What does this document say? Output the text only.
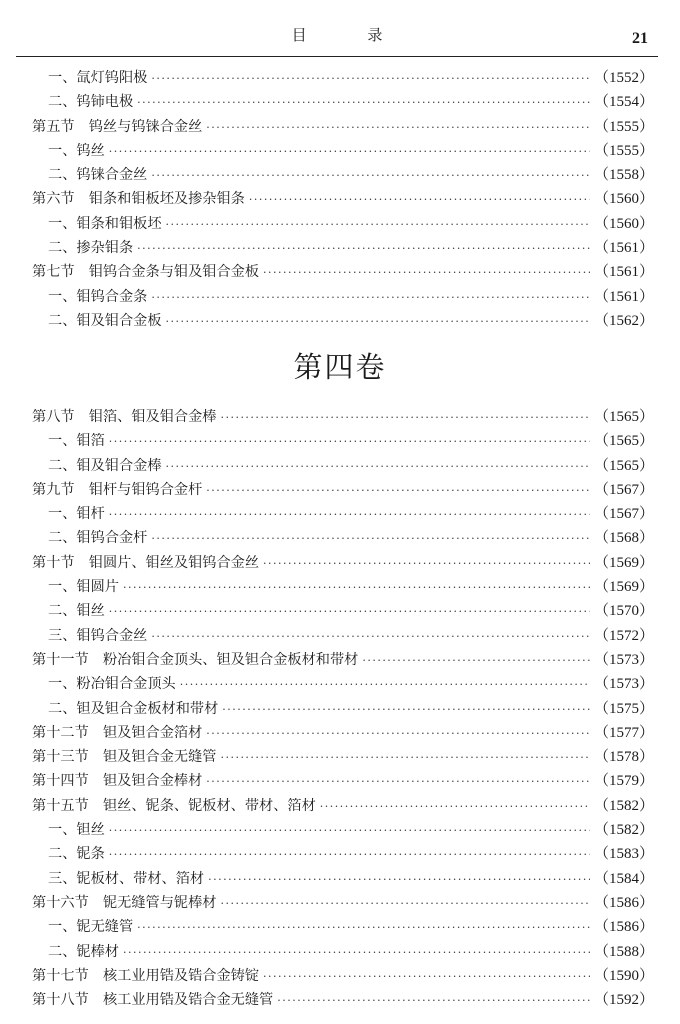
目 录	21
一、氙灯钨阳极 ·····	（1552）
二、钨铈电极 ·····	（1554）
第五节　钨丝与钨铼合金丝 ·····	（1555）
一、钨丝 ·····	（1555）
二、钨铼合金丝 ·····	（1558）
第六节　钼条和钼板坯及掺杂钼条 ·····	（1560）
一、钼条和钼板坯 ·····	（1560）
二、掺杂钼条 ·····	（1561）
第七节　钼钨合金条与钼及钼合金板 ·····	（1561）
一、钼钨合金条 ·····	（1561）
二、钼及钼合金板 ·····	（1562）
第四卷
第八节　钼箔、钼及钼合金棒 ·····	（1565）
一、钼箔 ·····	（1565）
二、钼及钼合金棒 ·····	（1565）
第九节　钼杆与钼钨合金杆 ·····	（1567）
一、钼杆 ·····	（1567）
二、钼钨合金杆 ·····	（1568）
第十节　钼圆片、钼丝及钼钨合金丝 ·····	（1569）
一、钼圆片 ·····	（1569）
二、钼丝 ·····	（1570）
三、钼钨合金丝 ·····	（1572）
第十一节　粉冶钼合金顶头、钽及钽合金板材和带材 ·····	（1573）
一、粉冶钼合金顶头 ·····	（1573）
二、钽及钽合金板材和带材 ·····	（1575）
第十二节　钽及钽合金箔材 ·····	（1577）
第十三节　钽及钽合金无缝管 ·····	（1578）
第十四节　钽及钽合金棒材 ·····	（1579）
第十五节　钽丝、铌条、铌板材、带材、箔材 ·····	（1582）
一、钽丝 ·····	（1582）
二、铌条 ·····	（1583）
三、铌板材、带材、箔材 ·····	（1584）
第十六节　铌无缝管与铌棒材 ·····	（1586）
一、铌无缝管 ·····	（1586）
二、铌棒材 ·····	（1588）
第十七节　核工业用锆及锆合金铸锭 ·····	（1590）
第十八节　核工业用锆及锆合金无缝管 ·····	（1592）
